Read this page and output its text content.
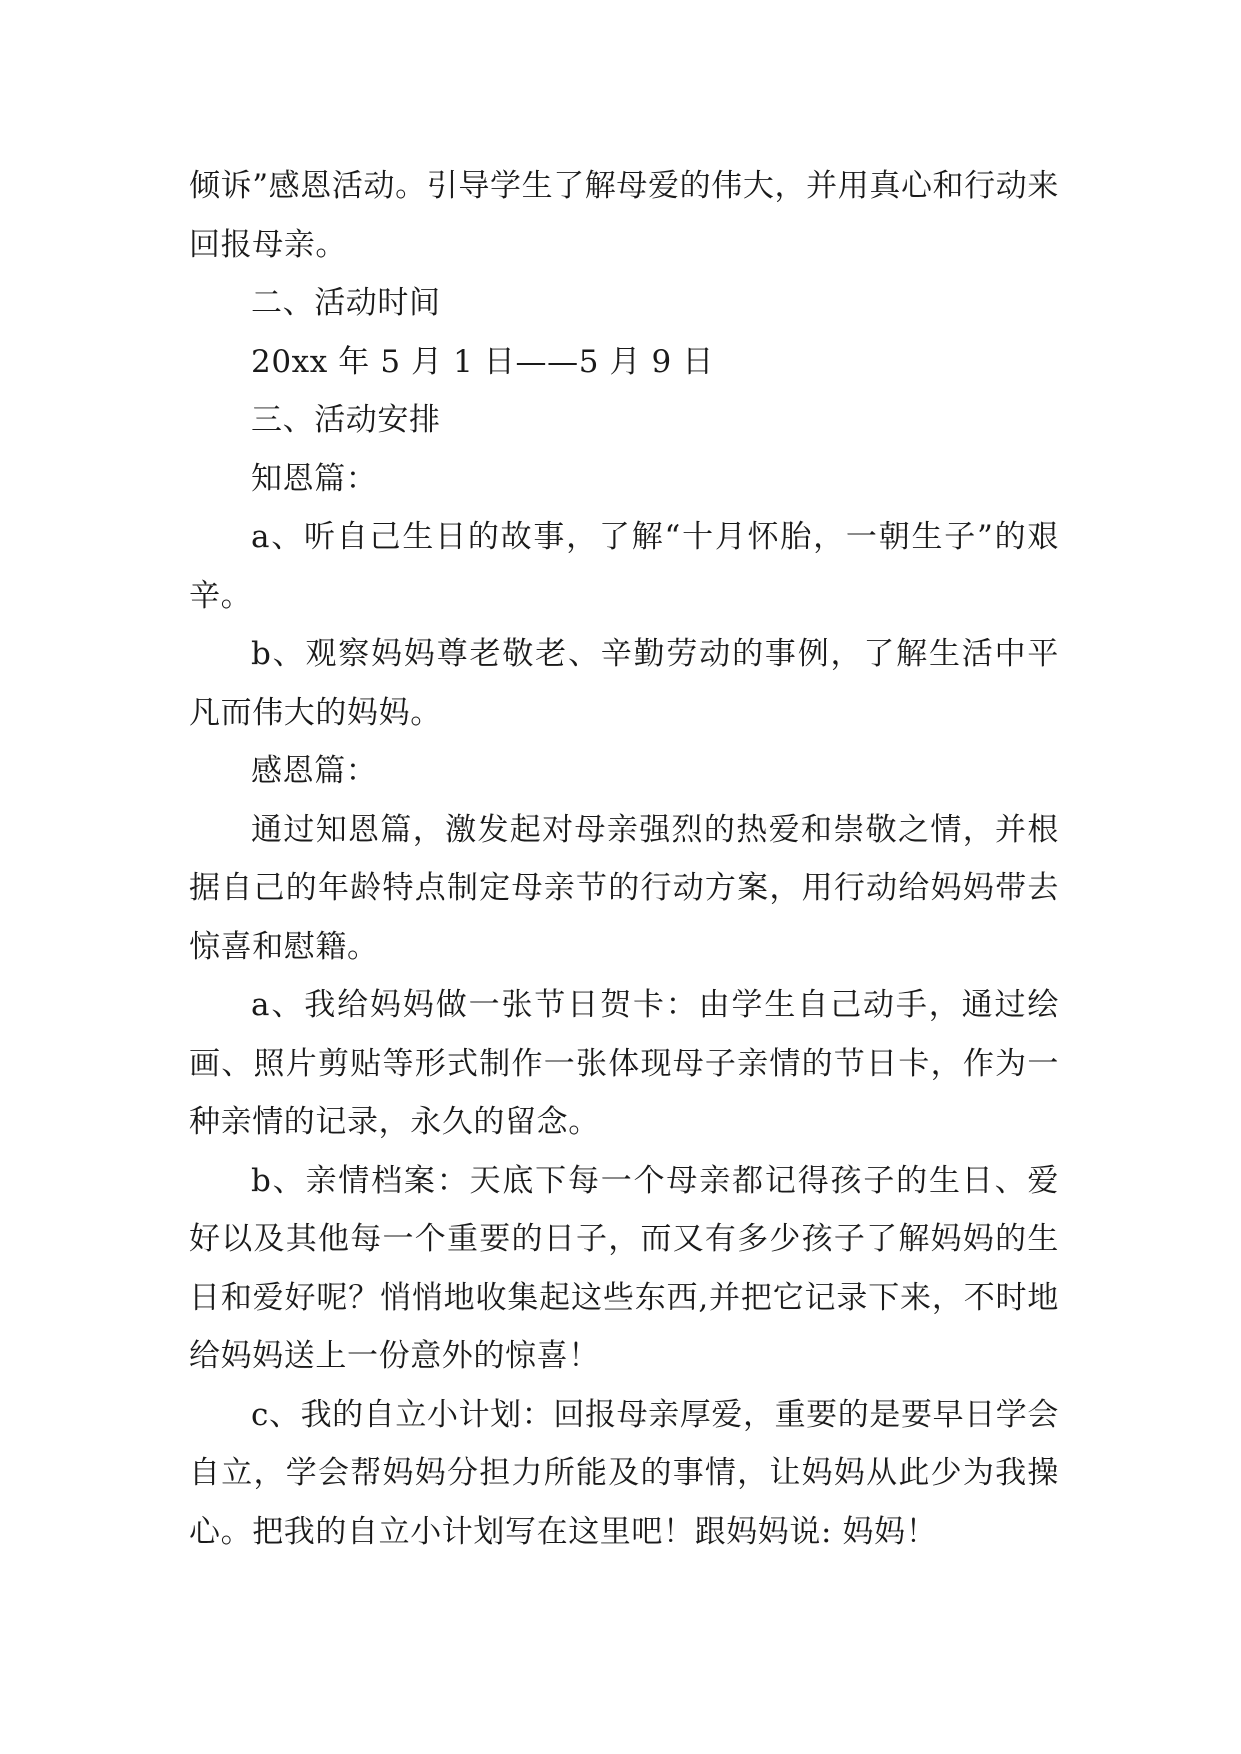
倾诉”感恩活动。引导学生了解母爱的伟大，并用真心和行动来回报母亲。

二、活动时间

20xx 年 5 月 1 日——5 月 9 日

三、活动安排

知恩篇：

a、听自己生日的故事，了解“十月怀胎，一朝生子”的艰辛。

b、观察妈妈尊老敬老、辛勤劳动的事例，了解生活中平凡而伟大的妈妈。

感恩篇：

通过知恩篇，激发起对母亲强烈的热爱和崇敬之情，并根据自己的年龄特点制定母亲节的行动方案，用行动给妈妈带去惊喜和慰籍。

a、我给妈妈做一张节日贺卡：由学生自己动手，通过绘画、照片剪贴等形式制作一张体现母子亲情的节日卡，作为一种亲情的记录，永久的留念。

b、亲情档案：天底下每一个母亲都记得孩子的生日、爱好以及其他每一个重要的日子，而又有多少孩子了解妈妈的生日和爱好呢？悄悄地收集起这些东西,并把它记录下来，不时地给妈妈送上一份意外的惊喜！

c、我的自立小计划：回报母亲厚爱，重要的是要早日学会自立，学会帮妈妈分担力所能及的事情，让妈妈从此少为我操心。把我的自立小计划写在这里吧！跟妈妈说: 妈妈！
